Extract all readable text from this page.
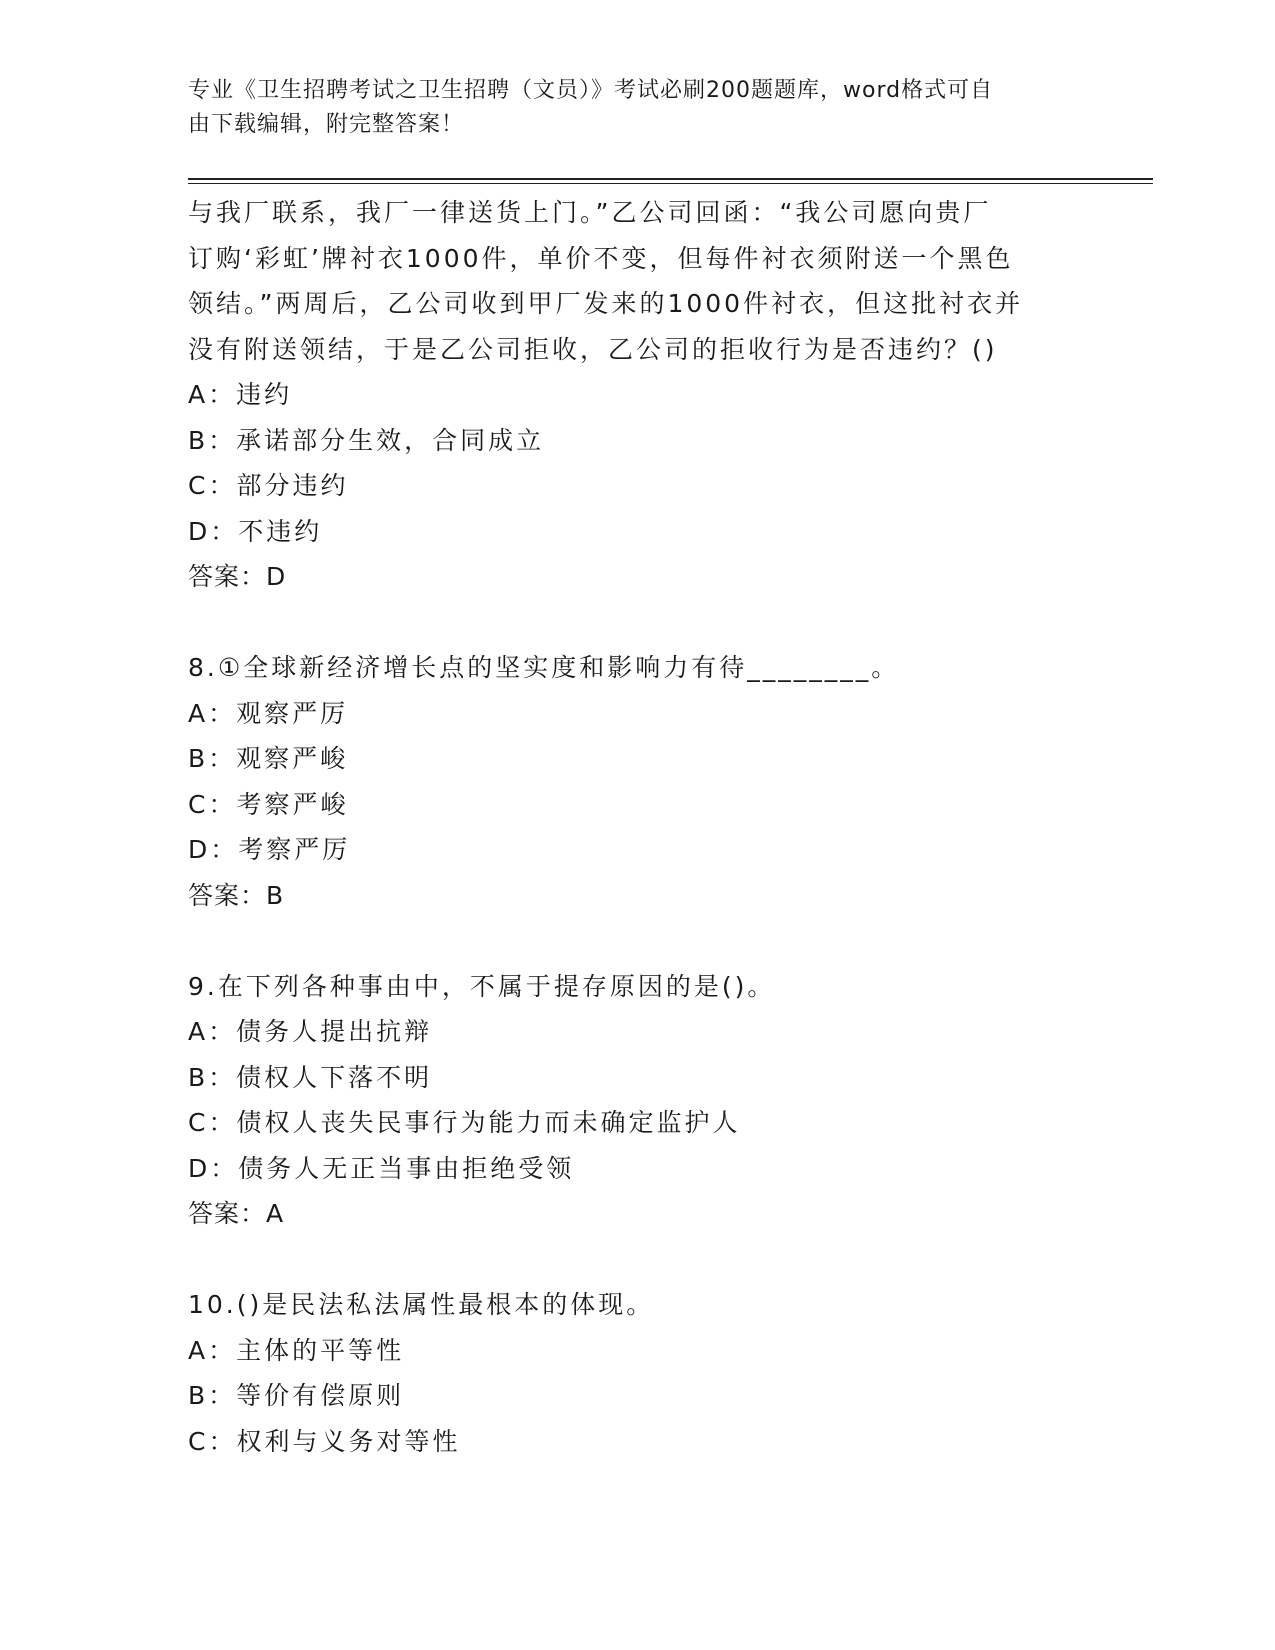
专业《卫生招聘考试之卫生招聘（文员）》考试必刷200题题库，word格式可自
由下载编辑，附完整答案！
与我厂联系，我厂一律送货上门。”乙公司回函：“我公司愿向贵厂
订购‘彩虹’牌衬衣1000件，单价不变，但每件衬衣须附送一个黑色
领结。”两周后，乙公司收到甲厂发来的1000件衬衣，但这批衬衣并
没有附送领结，于是乙公司拒收，乙公司的拒收行为是否违约？()
A：违约
B：承诺部分生效，合同成立
C：部分违约
D：不违约
答案：D
8.①全球新经济增长点的坚实度和影响力有待________。
A：观察严厉
B：观察严峻
C：考察严峻
D：考察严厉
答案：B
9.在下列各种事由中，不属于提存原因的是()。
A：债务人提出抗辩
B：债权人下落不明
C：债权人丧失民事行为能力而未确定监护人
D：债务人无正当事由拒绝受领
答案：A
10.()是民法私法属性最根本的体现。
A：主体的平等性
B：等价有偿原则
C：权利与义务对等性
